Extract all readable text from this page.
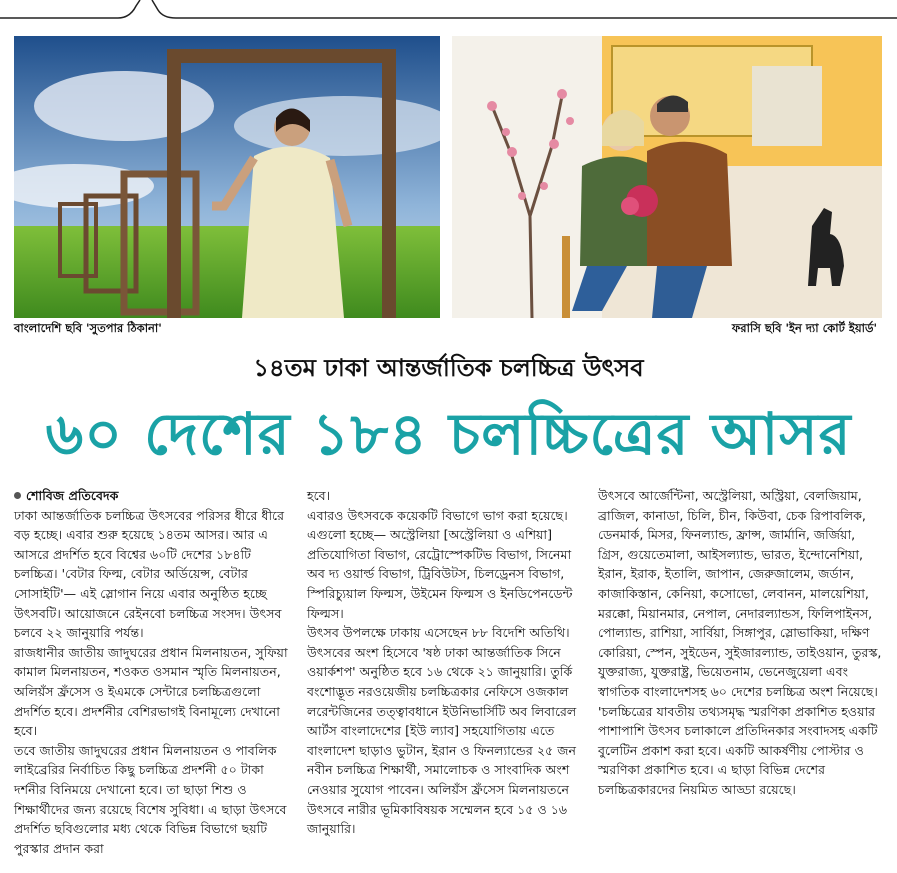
বাংলাদেশি ছবি 'সুতপার ঠিকানা'	ফরাসি ছবি 'ইন দ্যা কোর্ট ইয়ার্ড'
১৪তম ঢাকা আন্তর্জাতিক চলচ্চিত্র উৎসব
৬০ দেশের ১৮৪ চলচ্চিত্রের আসর

শোবিজ প্রতিবেদক

ঢাকা আন্তর্জাতিক চলচ্চিত্র উৎসবের পরিসর ধীরে ধীরে বড় হচ্ছে। এবার শুরু হয়েছে ১৪তম আসর। আর এ আসরে প্রদর্শিত হবে বিশ্বের ৬০টি দেশের ১৮৪টি চলচ্চিত্র। 'বেটার ফিল্ম, বেটার অর্ডিয়েন্স, বেটার সোসাইটি'— এই স্লোগান নিয়ে এবার অনুষ্ঠিত হচ্ছে উৎসবটি। আয়োজনে রেইনবো চলচ্চিত্র সংসদ। উৎসব চলবে ২২ জানুয়ারি পর্যন্ত।

রাজধানীর জাতীয় জাদুঘরের প্রধান মিলনায়তন, সুফিয়া কামাল মিলনায়তন, শওকত ওসমান স্মৃতি মিলনায়তন, অলিয়ঁস ফ্রঁসেস ও ইএমকে সেন্টারে চলচ্চিত্রগুলো প্রদর্শিত হবে। প্রদর্শনীর বেশিরভাগই বিনামূল্যে দেখানো হবে।

তবে জাতীয় জাদুঘরের প্রধান মিলনায়তন ও পাবলিক লাইব্রেরির নির্বাচিত কিছু চলচ্চিত্র প্রদর্শনী ৫০ টাকা দর্শনীর বিনিময়ে দেখানো হবে। তা ছাড়া শিশু ও শিক্ষার্থীদের জন্য রয়েছে বিশেষ সুবিধা। এ ছাড়া উৎসবে প্রদর্শিত ছবিগুলোর মধ্য থেকে বিভিন্ন বিভাগে ছয়টি পুরস্কার প্রদান করা

হবে।

এবারও উৎসবকে কয়েকটি বিভাগে ভাগ করা হয়েছে। এগুলো হচ্ছে— অস্ট্রেলিয়া [অস্ট্রেলিয়া ও এশিয়া] প্রতিযোগিতা বিভাগ, রেট্রোস্পেকটিভ বিভাগ, সিনেমা অব দ্য ওয়ার্ল্ড বিভাগ, ট্রিবিউটস, চিলড্রেনস বিভাগ, স্পিরিচ্যুয়াল ফিল্মস, উইমেন ফিল্মস ও ইনডিপেনডেন্ট ফিল্মস।

উৎসব উপলক্ষে ঢাকায় এসেছেন ৮৮ বিদেশি অতিথি।

উৎসবের অংশ হিসেবে 'ষষ্ঠ ঢাকা আন্তর্জাতিক সিনে ওয়ার্কশপ' অনুষ্ঠিত হবে ১৬ থেকে ২১ জানুয়ারি। তুর্কি বংশোদ্ভূত নরওয়েজীয় চলচ্চিত্রকার নেফিসে ওজকাল লরেন্টজিনের তত্ত্বাবধানে ইউনিভার্সিটি অব লিবারেল আর্টস বাংলাদেশের [ইউ ল্যাব] সহযোগিতায় এতে বাংলাদেশ ছাড়াও ভুটান, ইরান ও ফিনল্যান্ডের ২৫ জন নবীন চলচ্চিত্র শিক্ষার্থী, সমালোচক ও সাংবাদিক অংশ নেওয়ার সুযোগ পাবেন। অলিয়ঁস ফ্রঁসেস মিলনায়তনে উৎসবে নারীর ভূমিকাবিষয়ক সম্মেলন হবে ১৫ ও ১৬ জানুয়ারি।

উৎসবে আর্জেন্টিনা, অস্ট্রেলিয়া, অস্ট্রিয়া, বেলজিয়াম, ব্রাজিল, কানাডা, চিলি, চীন, কিউবা, চেক রিপাবলিক, ডেনমার্ক, মিসর, ফিনল্যান্ড, ফ্রান্স, জার্মানি, জর্জিয়া, গ্রিস, গুয়েতেমালা, আইসল্যান্ড, ভারত, ইন্দোনেশিয়া, ইরান, ইরাক, ইতালি, জাপান, জেরুজালেম, জর্ডান, কাজাকিস্তান, কেনিয়া, কসোভো, লেবানন, মালয়েশিয়া, মরক্কো, মিয়ানমার, নেপাল, নেদারল্যান্ডস, ফিলিপাইনস, পোল্যান্ড, রাশিয়া, সার্বিয়া, সিঙ্গাপুর, স্লোভাকিয়া, দক্ষিণ কোরিয়া, স্পেন, সুইডেন, সুইজারল্যান্ড, তাইওয়ান, তুরস্ক, যুক্তরাজ্য, যুক্তরাষ্ট্র, ভিয়েতনাম, ভেনেজুয়েলা এবং স্বাগতিক বাংলাদেশসহ ৬০ দেশের চলচ্চিত্র অংশ নিয়েছে।

'চলচ্চিত্রের যাবতীয় তথ্যসমৃদ্ধ স্মরণিকা প্রকাশিত হওয়ার পাশাপাশি উৎসব চলাকালে প্রতিদিনকার সংবাদসহ একটি বুলেটিন প্রকাশ করা হবে। একটি আকর্ষণীয় পোস্টার ও স্মরণিকা প্রকাশিত হবে। এ ছাড়া বিভিন্ন দেশের চলচ্চিত্রকারদের নিয়মিত আড্ডা রয়েছে।
